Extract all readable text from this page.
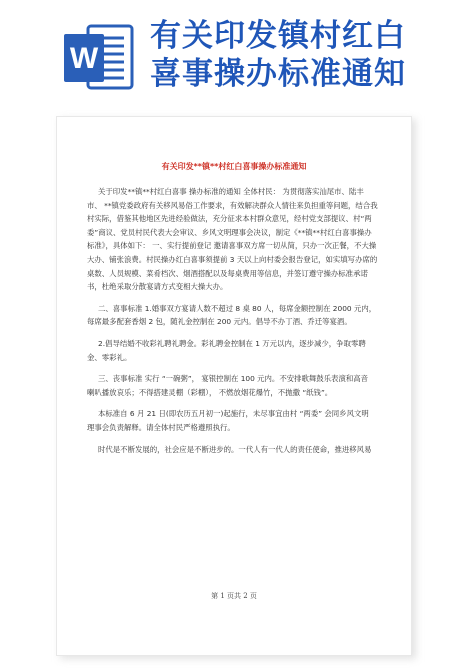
W
有关印发镇村红白
喜事操办标准通知
有关印发**镇**村红白喜事操办标准通知
关于印发**镇**村红白喜事 操办标准的通知 全体村民： 为贯彻落实汕尾市、陆丰
市、 **镇党委政府有关移风易俗工作要求，有效解决群众人情往来负担重等问题，结合我
村实际，借鉴其他地区先进经验做法，充分征求本村群众意见，经村党支部提议、村“两
委”商议、党员村民代表大会审议、乡风文明理事会决议，制定《**镇**村红白喜事操办
标准》，具体如下： 一、实行提前登记 邀请喜事双方席一切从简，只办一次正餐，不大操
大办、铺张浪费。村民操办红白喜事须提前 3 天以上向村委会报告登记，如实填写办席的
桌数、人员规模、菜肴档次、烟酒搭配以及每桌费用等信息，并签订遵守操办标准承诺
书，杜绝采取分散宴请方式变相大操大办。
二、喜事标准 1.婚事双方宴请人数不超过 8 桌 80 人，每席金额控制在 2000 元内，
每席最多配套香烟 2 包，随礼金控制在 200 元内。倡导不办丁酒、乔迁等宴酒。
2.倡导结婚不收彩礼聘礼聘金。彩礼聘金控制在 1 万元以内，逐步减少，争取零聘
金、零彩礼。
三、丧事标准 实行 “一碗粥”， 宴银控制在 100 元内。不安排歌舞鼓乐表演和高音
喇叭播放哀乐；不得搭建灵棚（彩棚）， 不燃放烟花爆竹，不抛撒 “纸钱”。
本标准自 6 月 21 日(即农历五月初一)起施行，未尽事宜由村 “两委” 会同乡风文明
理事会负责解释。请全体村民严格遵照执行。
时代是不断发展的，社会应是不断进步的。一代人有一代人的责任使命，推进移风易
第 1 页共 2 页
